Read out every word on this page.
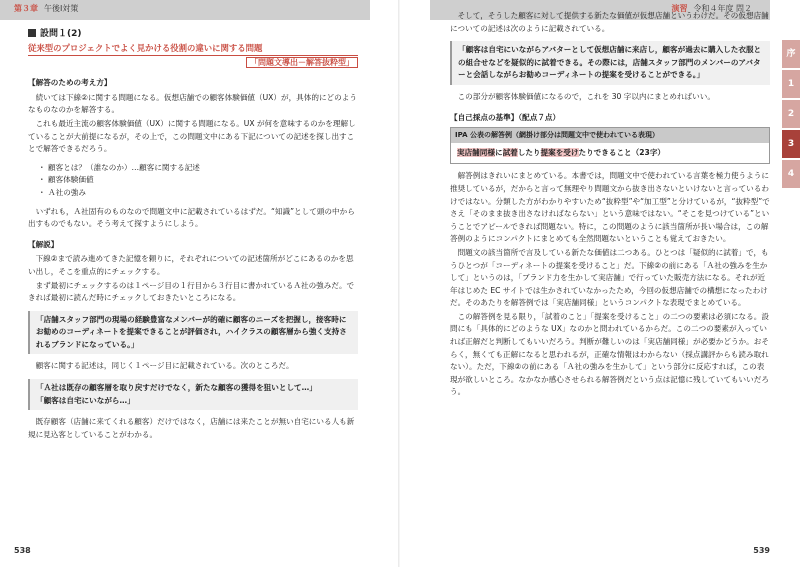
第３章 午後Ⅰ対策
設問１(2)
従来型のプロジェクトでよく見かける役割の違いに関する問題
「問題文導出－解答抜粋型」
【解答のための考え方】

続いては下線②に関する問題になる。仮想店舗での顧客体験価値（UX）が，具体的にどのようなものなのかを解答する。

これも最近主流の顧客体験価値（UX）に関する問題になる。UX が何を意味するのかを理解していることが大前提になるが，その上で，この問題文中にある下記についての記述を探し出すことで解答できるだろう。

・ 顧客とは？（誰なのか）…顧客に関する記述
・ 顧客体験価値
・ Ａ社の強み

いずれも，Ａ社固有のものなので問題文中に記載されているはずだ。“知識”として頭の中から出すものでもない。そう考えて探すようにしよう。

【解説】

下線②まで読み進めてきた記憶を頼りに，それぞれについての記述箇所がどこにあるのかを思い出し，そこを重点的にチェックする。

まず最初にチェックするのは１ページ目の１行目から３行目に書かれているＡ社の強みだ。できれば最初に読んだ時にチェックしておきたいところになる。

「店舗スタッフ部門の現場の経験豊富なメンバーが的確に顧客のニーズを把握し，接客時にお勧めのコーディネートを提案できることが評価され，ハイクラスの顧客層から強く支持されるブランドになっている。」

顧客に関する記述は，同じく１ページ目に記載されている。次のところだ。

「Ａ社は既存の顧客層を取り戻すだけでなく，新たな顧客の獲得を狙いとして…」
「顧客は自宅にいながら…」

既存顧客（店舗に来てくれる顧客）だけではなく，店舗には来たことが無い自宅にいる人も新規に見込客としていることがわかる。

538
演習 令和４年度 問２

そして，そうした顧客に対して提供する新たな価値が仮想店舗というわけだ。その仮想店舗についての記述は次のように記載されている。

「顧客は自宅にいながらアバターとして仮想店舗に来店し，顧客が過去に購入した衣服との組合せなどを疑似的に試着できる。その際には，店舗スタッフ部門のメンバーのアバターと会話しながらお勧めコーディネートの提案を受けることができる。」

この部分が顧客体験価値になるので，これを 30 字以内にまとめればいい。

【自己採点の基準】（配点７点）
IPA 公表の解答例（網掛け部分は問題文中で使われている表現）
実店舗同様に試着したり提案を受けたりできること（23字）

解答例はきれいにまとめている。本書では，問題文中で使われている言葉を極力使うように推奨しているが，だからと言って無理やり問題文から抜き出さないといけないと言っているわけではない。分類した方がわかりやすいため“抜粋型”や“加工型”と分けているが，“抜粋型”でさえ「そのまま抜き出さなければならない」という意味ではない。“そこを見つけている”ということでアピールできれば問題ない。特に，この問題のように該当箇所が長い場合は，この解答例のようにコンパクトにまとめても全然問題ないということも覚えておきたい。

問題文の該当箇所で言及している新たな価値は二つある。ひとつは「疑似的に試着」で，もうひとつが「コーディネートの提案を受けること」だ。下線②の前にある「Ａ社の強みを生かして」というのは，「ブランド力を生かして実店舗」で行っていた販売方法になる。それが近年はじめた EC サイトでは生かされていなかったため，今回の仮想店舗での構想になったわけだ。そのあたりを解答例では「実店舗同様」というコンパクトな表現でまとめている。

この解答例を見る限り，「試着のこと」「提案を受けること」の二つの要素は必須になる。設問にも「具体的にどのような UX」なのかと問われているからだ。この二つの要素が入っていれば正解だと判断してもいいだろう。判断が難しいのは「実店舗同様」が必要かどうか。おそらく，無くても正解になると思われるが，正確な情報はわからない（採点講評からも読み取れない）。ただ，下線②の前にある「Ａ社の強みを生かして」という部分に反応すれば，この表現が欲しいところ。なかなか感心させられる解答例だという点は記憶に残していてもいいだろう。

序
1
2
3
4
539
